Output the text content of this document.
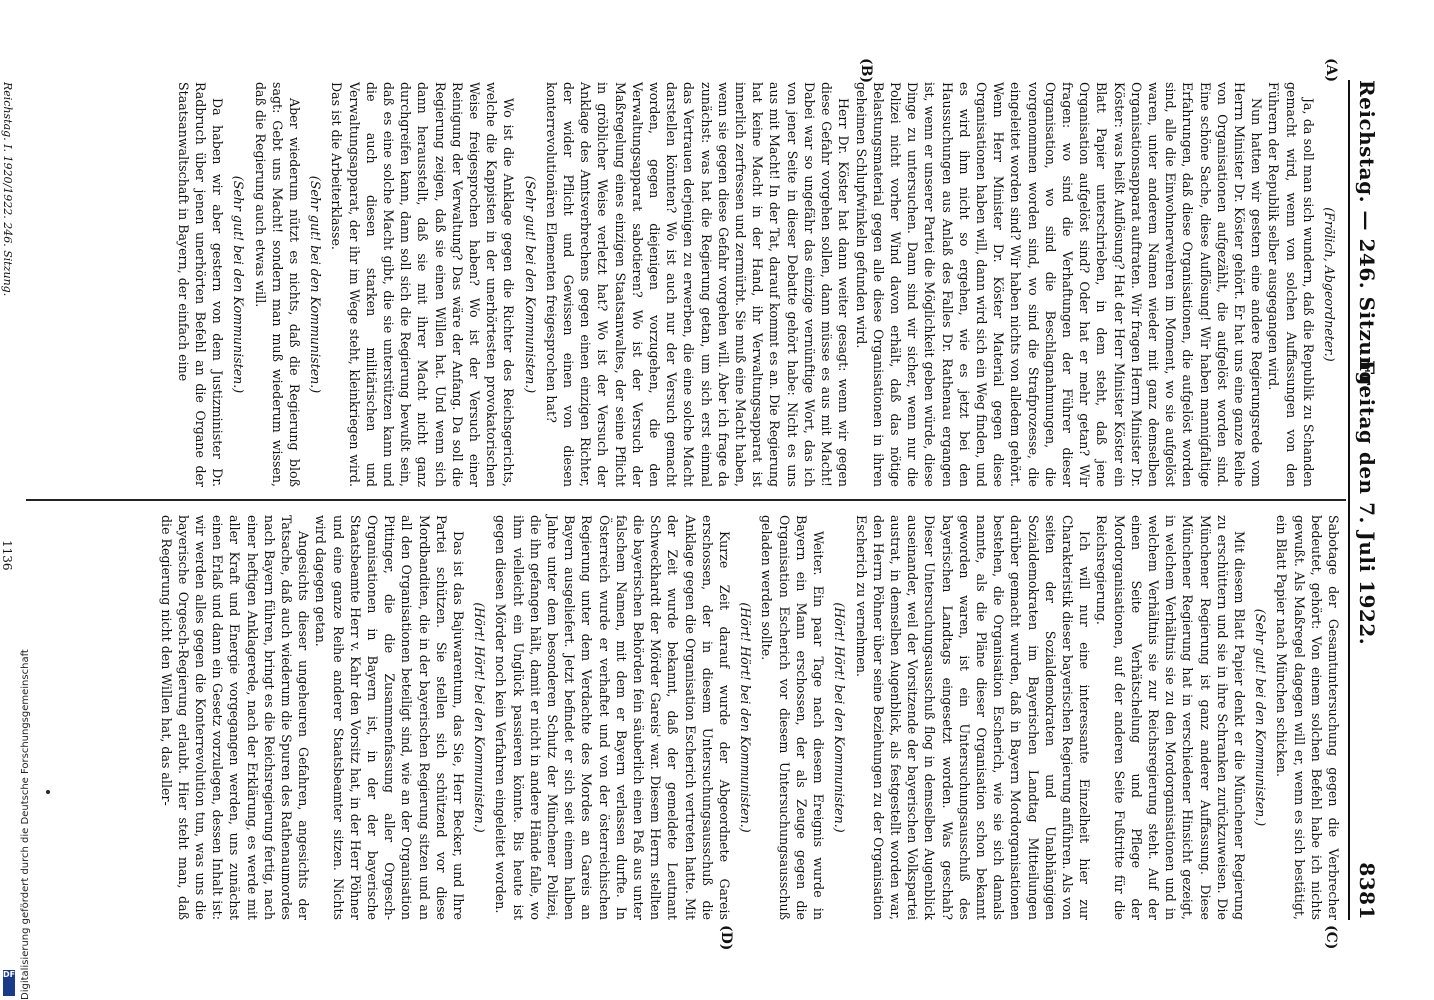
Digitalisierung gefördert durch die Deutsche Forschungsgemeinschaft
DFG
Reichstag. — 246. Sitzung.
Freitag den 7. Juli 1922.
8381
(A)
(B)
(C)
(D)

(Frölich, Abgeordneter.)

Ja, da soll man sich wundern, daß die Republik zu Schanden gemacht wird, wenn von solchen Auffassungen von den Führern der Republik selber ausgegangen wird.

Nun hatten wir gestern eine andere Regierungsrede vom Herrn Minister Dr. Köster gehört. Er hat uns eine ganze Reihe von Organisationen aufgezählt, die aufgelöst worden sind. Eine schöne Sache, diese Auflösung! Wir haben mannigfaltige Erfahrungen, daß diese Organisationen, die aufgelöst worden sind, alle die Einwohnerwehren im Moment, wo sie aufgelöst waren, unter anderem Namen wieder mit ganz demselben Organisationsapparat auftraten. Wir fragen Herrn Minister Dr. Köster: was heißt Auflösung? Hat der Herr Minister Köster ein Blatt Papier unterschrieben, in dem steht, daß jene Organisation aufgelöst sind? Oder hat er mehr getan? Wir fragen: wo sind die Verhaftungen der Führer dieser Organisation, wo sind die Beschlagnahmungen, die vorgenommen worden sind, wo sind die Strafprozesse, die eingeleitet worden sind? Wir haben nichts von alledem gehört. Wenn Herr Minister Dr. Köster Material gegen diese Organisationen haben will, dann wird sich ein Weg finden, und es wird ihm nicht so ergehen, wie es jetzt bei den Haussuchungen aus Anlaß des Falles Dr. Rathenau ergangen ist, wenn er unserer Partei die Möglichkeit geben würde, diese Dinge zu untersuchen. Dann sind wir sicher, wenn nur die Polizei nicht vorher Wind davon erhält, daß das nötige Belastungsmaterial gegen alle diese Organisationen in ihren geheimen Schlupfwinkeln gefunden wird.

Herr Dr. Köster hat dann weiter gesagt: wenn wir gegen diese Gefahr vorgehen sollen, dann müsse es aus mit Macht! Dabei war so ungefähr das einzige vernünftige Wort, das ich von jener Seite in dieser Debatte gehört habe: Nicht es uns aus mit Macht! In der Tat, darauf kommt es an. Die Regierung hat keine Macht in der Hand, ihr Verwaltungsapparat ist innerlich zerfressen und zermürbt. Sie muß eine Macht haben, wenn sie gegen diese Gefahr vorgehen will. Aber ich frage da zunächst: was hat die Regierung getan, um sich erst einmal das Vertrauen derjenigen zu erwerben, die eine solche Macht darstellen könnten? Wo ist auch nur der Versuch gemacht worden, gegen diejenigen vorzugehen, die den Verwaltungsapparat sabotieren? Wo ist der Versuch der Maßregelung eines einzigen Staatsanwaltes, der seine Pflicht in gröblicher Weise verletzt hat? Wo ist der Versuch der Anklage des Amtsverbrechens gegen einen einzigen Richter, der wider Pflicht und Gewissen einen von diesen konterrevolutionären Elementen freigesprochen hat?

(Sehr gut! bei den Kommunisten.)

Wo ist die Anklage gegen die Richter des Reichsgerichts, welche die Kappisten in der unerhörtesten provokatorischen Weise freigesprochen haben? Wo ist der Versuch einer Reinigung der Verwaltung? Das wäre der Anfang. Da soll die Regierung zeigen, daß sie einen Willen hat. Und wenn sich dann herausstellt, daß sie mit ihrer Macht nicht ganz durchgreifen kann, dann soll sich die Regierung bewußt sein, daß es eine solche Macht gibt, die sie unterstützen kann und die auch diesen starken militärischen und Verwaltungsapparat, der ihr im Wege steht, kleinkriegen wird. Das ist die Arbeiterklasse.

(Sehr gut! bei den Kommunisten.)

Aber wiederum nützt es nichts, daß die Regierung bloß sagt: Gebt uns Macht! sondern man muß wiederum wissen, daß die Regierung auch etwas will.

(Sehr gut! bei den Kommunisten.)

Da haben wir aber gestern von dem Justizminister Dr. Radbruch über jenen unerhörten Befehl an die Organe der Staatsanwaltschaft in Bayern, der einfach eine

Sabotage der Gesamtuntersuchung gegen die Verbrecher bedeutet, gehört: Von einem solchen Befehl habe ich nichts gewußt. Als Maßregel dagegen will er, wenn es sich bestätigt, ein Blatt Papier nach München schicken.

(Sehr gut! bei den Kommunisten.)

Mit diesem Blatt Papier denkt er die Münchener Regierung zu erschüttern und sie in ihre Schranken zurückzuweisen. Die Münchener Regierung ist ganz anderer Auffassung. Diese Münchener Regierung hat in verschiedener Hinsicht gezeigt, in welchem Verhältnis sie zu den Mordorganisationen und in welchem Verhältnis sie zur Reichsregierung steht. Auf der einen Seite Verhätschelung und Pflege der Mordorganisationen, auf der anderen Seite Fußtritte für die Reichsregierung.

Ich will nur eine interessante Einzelheit hier zur Charakteristik dieser bayerischen Regierung anführen. Als von seiten der Sozialdemokraten und Unabhängigen Sozialdemokraten im Bayerischen Landtag Mitteilungen darüber gemacht wurden, daß in Bayern Mordorganisationen bestehen, die Organisation Escherich, wie sie sich damals nannte, als die Pläne dieser Organisation schon bekannt geworden waren, ist ein Untersuchungsausschuß des bayerischen Landtags eingesetzt worden. Was geschah? Dieser Untersuchungsausschuß flog in demselben Augenblick auseinander, weil der Vorsitzende der bayerischen Volkspartei austrat, in demselben Augenblick, als festgestellt worden war, den Herrn Pöhner über seine Beziehungen zu der Organisation Escherich zu vernehmen.

(Hört! Hört! bei den Kommunisten.)

Weiter. Ein paar Tage nach diesem Ereignis wurde in Bayern ein Mann erschossen, der als Zeuge gegen die Organisation Escherich vor diesem Untersuchungsausschuß geladen werden sollte.

(Hört! Hört! bei den Kommunisten.)

Kurze Zeit darauf wurde der Abgeordnete Gareis erschossen, der in diesem Untersuchungsausschuß die Anklage gegen die Organisation Escherich vertreten hatte. Mit der Zeit wurde bekannt, daß der gemeldete Leutnant Schweckhardt der Mörder Gareis' war. Diesem Herrn stellten die bayerischen Behörden fein säuberlich einen Paß aus unter falschem Namen, mit dem er Bayern verlassen durfte. In Österreich wurde er verhaftet und von der österreichischen Regierung unter dem Verdachte des Mordes an Gareis an Bayern ausgeliefert. Jetzt befindet er sich seit einem halben Jahre unter dem besonderen Schutz der Münchener Polizei, die ihn gefangen hält, damit er nicht in andere Hände falle, wo ihm vielleicht ein Unglück passieren könnte. Bis heute ist gegen diesen Mörder noch kein Verfahren eingeleitet worden.

(Hört! Hört! bei den Kommunisten.)

Das ist das Bajuwarentum, das Sie, Herr Becker, und Ihre Partei schützen. Sie stellen sich schützend vor diese Mordbanditen, die in der bayerischen Regierung sitzen und an all den Organisationen beteiligt sind, wie an der Organisation Pittinger, die die Zusammenfassung aller Orgesch-Organisationen in Bayern ist, in der der bayerische Staatsbeamte Herr v. Kahr den Vorsitz hat, in der Herr Pöhner und eine ganze Reihe anderer Staatsbeamter sitzen. Nichts wird dagegen getan.

Angesichts dieser ungeheuren Gefahren, angesichts der Tatsache, daß auch wiederum die Spuren des Rathenaumordes nach Bayern führen, bringt es die Reichsregierung fertig, nach einer heftigen Anklagerede, nach der Erklärung, es werde mit aller Kraft und Energie vorgegangen werden, uns zunächst einen Erlaß und dann ein Gesetz vorzulegen, dessen Inhalt ist: wir werden alles gegen die Konterrevolution tun, was uns die bayerische Orgesch-Regierung erlaubt. Hier steht man, daß die Regierung nicht den Willen hat, das aller-

Reichstag. I. 1920/1922. 246. Sitzung.
1136
